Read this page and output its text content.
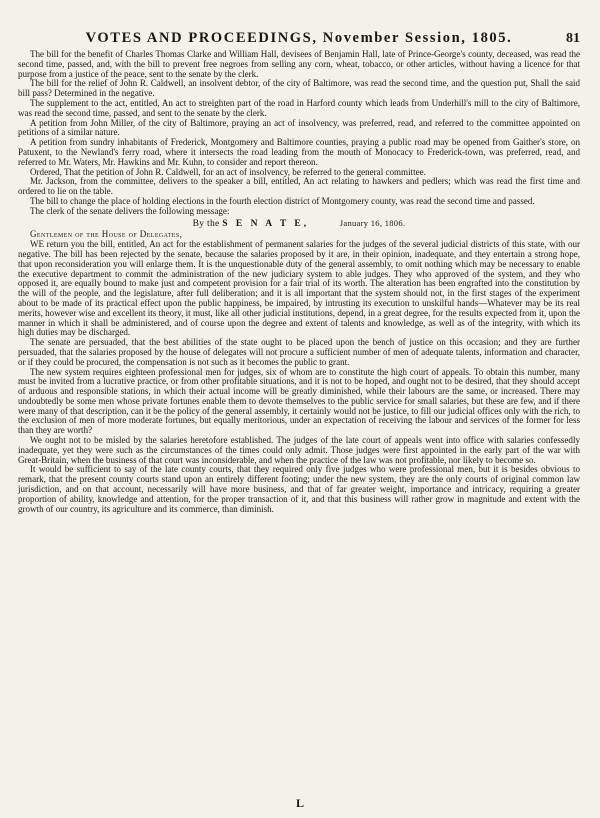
VOTES AND PROCEEDINGS, November Session, 1805.	81

The bill for the benefit of Charles Thomas Clarke and William Hall, devisees of Benjamin Hall, late of Prince-George's county, deceased, was read the second time, passed, and, with the bill to prevent free negroes from selling any corn, wheat, tobacco, or other articles, without having a licence for that purpose from a justice of the peace, sent to the senate by the clerk.

The bill for the relief of John R. Caldwell, an insolvent debtor, of the city of Baltimore, was read the second time, and the question put, Shall the said bill pass? Determined in the negative.

The supplement to the act, entitled, An act to streighten part of the road in Harford county which leads from Underhill's mill to the city of Baltimore, was read the second time, passed, and sent to the senate by the clerk.

A petition from John Miller, of the city of Baltimore, praying an act of insolvency, was preferred, read, and referred to the committee appointed on petitions of a similar nature.

A petition from sundry inhabitants of Frederick, Montgomery and Baltimore counties, praying a public road may be opened from Gaither's store, on Patuxent, to the Newland's ferry road, where it intersects the road leading from the mouth of Monocacy to Frederick-town, was preferred, read, and referred to Mr. Waters, Mr. Hawkins and Mr. Kuhn, to consider and report thereon.

Ordered, That the petition of John R. Caldwell, for an act of insolvency, be referred to the general committee.

Mr. Jackson, from the committee, delivers to the speaker a bill, entitled, An act relating to hawkers and pedlers; which was read the first time and ordered to lie on the table.

The bill to change the place of holding elections in the fourth election district of Montgomery county, was read the second time and passed.

The clerk of the senate delivers the following message:

By the S E N A T E,	January 16, 1806.

Gentlemen of the House of Delegates,

WE return you the bill, entitled, An act for the establishment of permanent salaries for the judges of the several judicial districts of this state, with our negative. The bill has been rejected by the senate, because the salaries proposed by it are, in their opinion, inadequate, and they entertain a strong hope, that upon reconsideration you will enlarge them. It is the unquestionable duty of the general assembly, to omit nothing which may be necessary to enable the executive department to commit the administration of the new judiciary system to able judges. They who approved of the system, and they who opposed it, are equally bound to make just and competent provision for a fair trial of its worth. The alteration has been engrafted into the constitution by the will of the people, and the legislature, after full deliberation; and it is all important that the system should not, in the first stages of the experiment about to be made of its practical effect upon the public happiness, be impaired, by intrusting its execution to unskilful hands—Whatever may be its real merits, however wise and excellent its theory, it must, like all other judicial institutions, depend, in a great degree, for the results expected from it, upon the manner in which it shall be administered, and of course upon the degree and extent of talents and knowledge, as well as of the integrity, with which its high duties may be discharged.

The senate are persuaded, that the best abilities of the state ought to be placed upon the bench of justice on this occasion; and they are further persuaded, that the salaries proposed by the house of delegates will not procure a sufficient number of men of adequate talents, information and character, or if they could be procured, the compensation is not such as it becomes the public to grant.

The new system requires eighteen professional men for judges, six of whom are to constitute the high court of appeals. To obtain this number, many must be invited from a lucrative practice, or from other profitable situations, and it is not to be hoped, and ought not to be desired, that they should accept of arduous and responsible stations, in which their actual income will be greatly diminished, while their labours are the same, or increased. There may undoubtedly be some men whose private fortunes enable them to devote themselves to the public service for small salaries, but these are few, and if there were many of that description, can it be the policy of the general assembly, it certainly would not be justice, to fill our judicial offices only with the rich, to the exclusion of men of more moderate fortunes, but equally meritorious, under an expectation of receiving the labour and services of the former for less than they are worth?

We ought not to be misled by the salaries heretofore established. The judges of the late court of appeals went into office with salaries confessedly inadequate, yet they were such as the circumstances of the times could only admit. Those judges were first appointed in the early part of the war with Great-Britain, when the business of that court was inconsiderable, and when the practice of the law was not profitable, nor likely to become so.

It would be sufficient to say of the late county courts, that they required only five judges who were professional men, but it is besides obvious to remark, that the present county courts stand upon an entirely different footing; under the new system, they are the only courts of original common law jurisdiction, and on that account, necessarily will have more business, and that of far greater weight, importance and intricacy, requiring a greater proportion of ability, knowledge and attention, for the proper transaction of it, and that this business will rather grow in magnitude and extent with the growth of our country, its agriculture and its commerce, than diminish.

L
